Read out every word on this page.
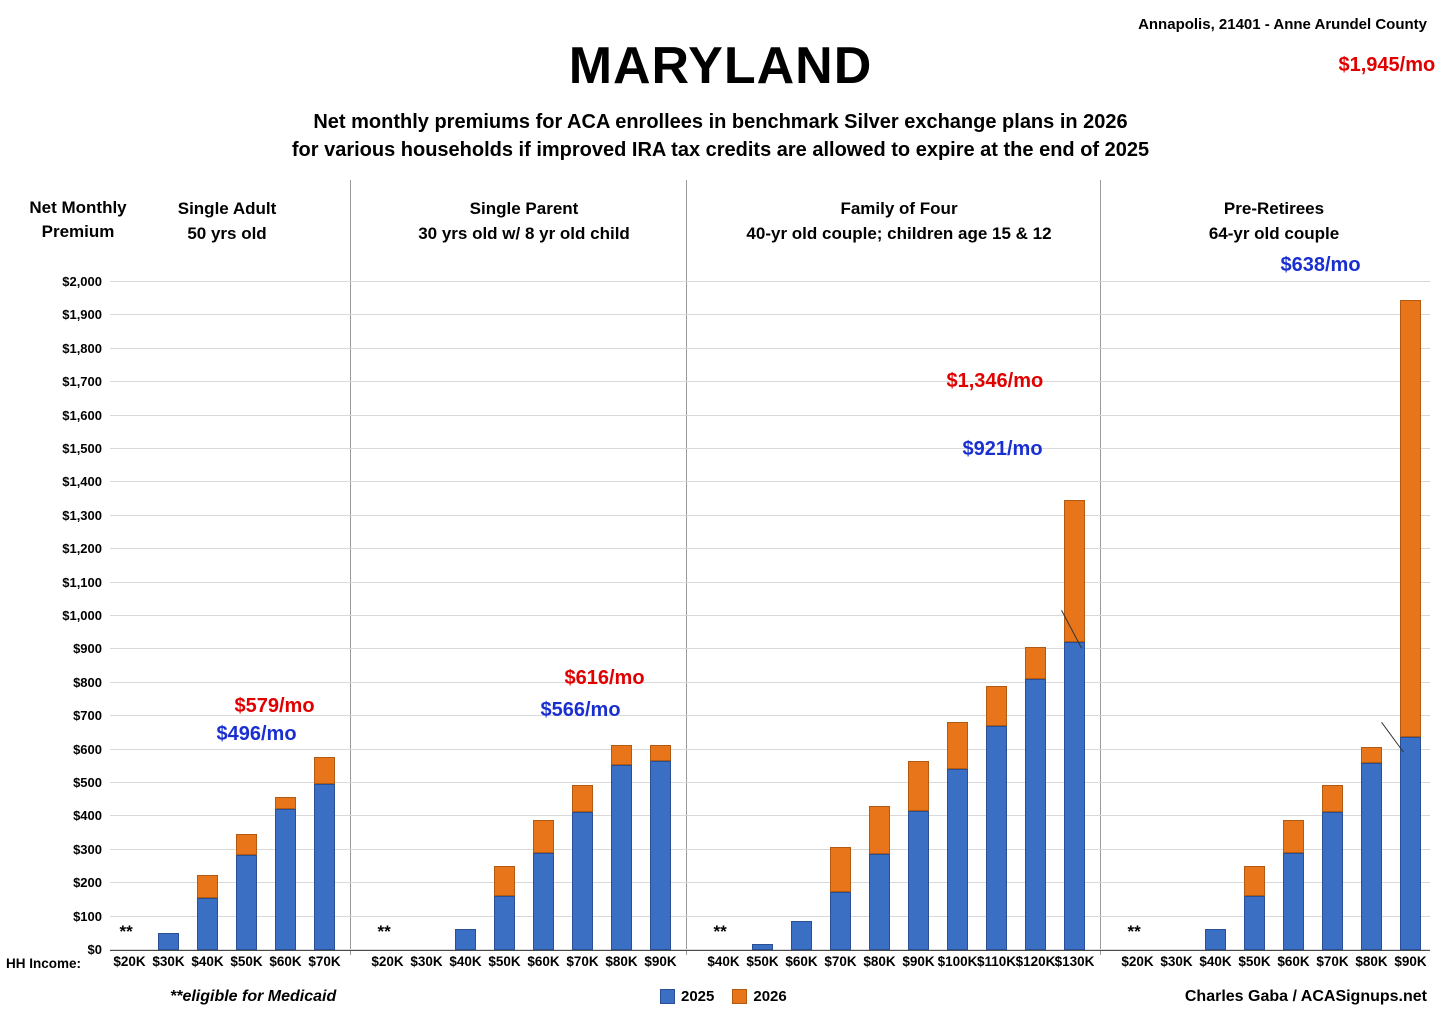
Annapolis, 21401 - Anne Arundel County
MARYLAND
Net monthly premiums for ACA enrollees in benchmark Silver exchange plans in 2026
for various households if improved IRA tax credits are allowed to expire at the end of 2025
Net Monthly
Premium
Single Adult
50 yrs old
Single Parent
30 yrs old w/ 8 yr old child
Family of Four
40-yr old couple; children age 15 & 12
Pre-Retirees
64-yr old couple
$2,000
$1,900
$1,800
$1,700
$1,600
$1,500
$1,400
$1,300
$1,200
$1,100
$1,000
$900
$800
$700
$600
$500
$400
$300
$200
$100
$0
HH Income:	$20K $30K $40K $50K $60K $70K	$20K $30K $40K $50K $60K $70K $80K $90K	$40K $50K $60K $70K $80K $90K $100K $110K $120K $130K	$20K $30K $40K $50K $60K $70K $80K $90K
**	**	**	**
$579/mo
$496/mo
$616/mo
$566/mo
$1,346/mo
$921/mo
$638/mo
$1,945/mo
2025	2026
**eligible for Medicaid	Charles Gaba / ACASignups.net
